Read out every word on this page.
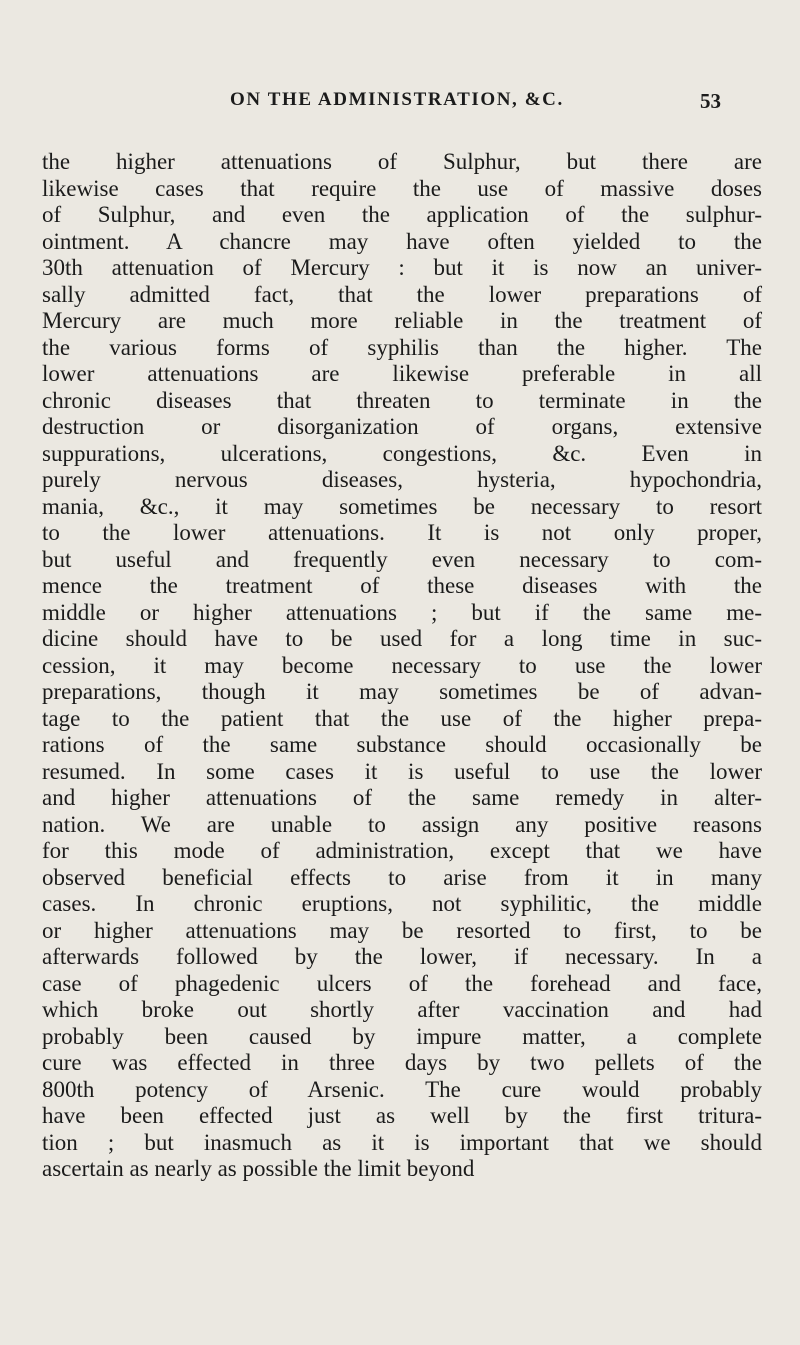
ON THE ADMINISTRATION, &C.	53
the higher attenuations of Sulphur, but there are
likewise cases that require the use of massive doses
of Sulphur, and even the application of the sulphur-
ointment. A chancre may have often yielded to the
30th attenuation of Mercury : but it is now an univer-
sally admitted fact, that the lower preparations of
Mercury are much more reliable in the treatment of
the various forms of syphilis than the higher. The
lower attenuations are likewise preferable in all
chronic diseases that threaten to terminate in the
destruction or disorganization of organs, extensive
suppurations, ulcerations, congestions, &c. Even in
purely nervous diseases, hysteria, hypochondria,
mania, &c., it may sometimes be necessary to resort
to the lower attenuations. It is not only proper,
but useful and frequently even necessary to com-
mence the treatment of these diseases with the
middle or higher attenuations ; but if the same me-
dicine should have to be used for a long time in suc-
cession, it may become necessary to use the lower
preparations, though it may sometimes be of advan-
tage to the patient that the use of the higher prepa-
rations of the same substance should occasionally be
resumed. In some cases it is useful to use the lower
and higher attenuations of the same remedy in alter-
nation. We are unable to assign any positive reasons
for this mode of administration, except that we have
observed beneficial effects to arise from it in many
cases. In chronic eruptions, not syphilitic, the middle
or higher attenuations may be resorted to first, to be
afterwards followed by the lower, if necessary. In a
case of phagedenic ulcers of the forehead and face,
which broke out shortly after vaccination and had
probably been caused by impure matter, a complete
cure was effected in three days by two pellets of the
800th potency of Arsenic. The cure would probably
have been effected just as well by the first tritura-
tion ; but inasmuch as it is important that we should
ascertain as nearly as possible the limit beyond
